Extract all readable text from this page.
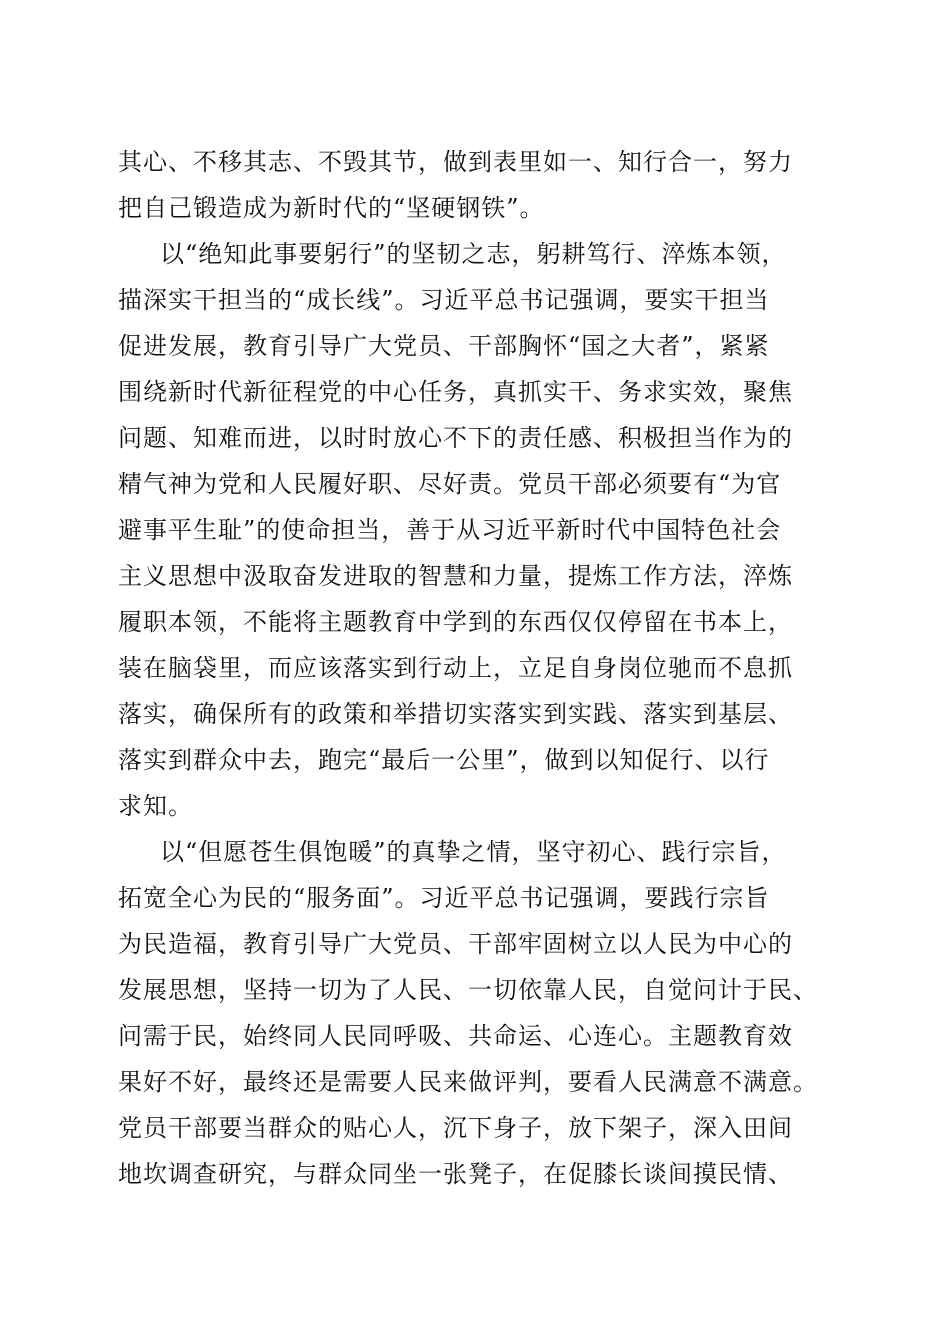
其心、不移其志、不毁其节，做到表里如一、知行合一，努力
把自己锻造成为新时代的“坚硬钢铁”。
以“绝知此事要躬行”的坚韧之志，躬耕笃行、淬炼本领，
描深实干担当的“成长线”。习近平总书记强调，要实干担当
促进发展，教育引导广大党员、干部胸怀“国之大者”，紧紧
围绕新时代新征程党的中心任务，真抓实干、务求实效，聚焦
问题、知难而进，以时时放心不下的责任感、积极担当作为的
精气神为党和人民履好职、尽好责。党员干部必须要有“为官
避事平生耻”的使命担当，善于从习近平新时代中国特色社会
主义思想中汲取奋发进取的智慧和力量，提炼工作方法，淬炼
履职本领，不能将主题教育中学到的东西仅仅停留在书本上，
装在脑袋里，而应该落实到行动上，立足自身岗位驰而不息抓
落实，确保所有的政策和举措切实落实到实践、落实到基层、
落实到群众中去，跑完“最后一公里”，做到以知促行、以行
求知。
以“但愿苍生俱饱暖”的真挚之情，坚守初心、践行宗旨，
拓宽全心为民的“服务面”。习近平总书记强调，要践行宗旨
为民造福，教育引导广大党员、干部牢固树立以人民为中心的
发展思想，坚持一切为了人民、一切依靠人民，自觉问计于民、
问需于民，始终同人民同呼吸、共命运、心连心。主题教育效
果好不好，最终还是需要人民来做评判，要看人民满意不满意。
党员干部要当群众的贴心人，沉下身子，放下架子，深入田间
地坎调查研究，与群众同坐一张凳子，在促膝长谈间摸民情、
